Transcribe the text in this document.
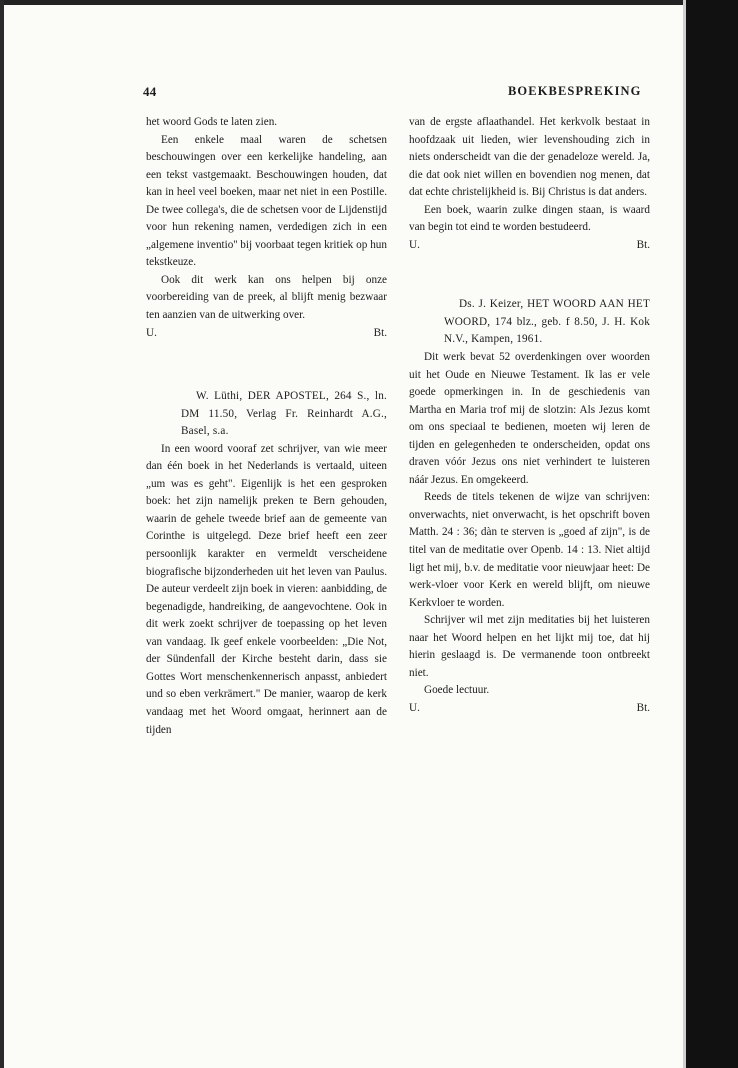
44	BOEKBESPREKING

het woord Gods te laten zien.

Een enkele maal waren de schetsen beschouwingen over een kerkelijke handeling, aan een tekst vastgemaakt. Beschouwingen houden, dat kan in heel veel boeken, maar net niet in een Postille. De twee collega's, die de schetsen voor de Lijdenstijd voor hun rekening namen, verdedigen zich in een „algemene inventio'' bij voorbaat tegen kritiek op hun tekstkeuze.

Ook dit werk kan ons helpen bij onze voorbereiding van de preek, al blijft menig bezwaar ten aanzien van de uitwerking over.

U.	Bt.

W. Lüthi, DER APOSTEL, 264 S., ln. DM 11.50, Verlag Fr. Reinhardt A.G., Basel, s.a.

In een woord vooraf zet schrijver, van wie meer dan één boek in het Nederlands is vertaald, uiteen „um was es geht". Eigenlijk is het een gesproken boek: het zijn namelijk preken te Bern gehouden, waarin de gehele tweede brief aan de gemeente van Corinthe is uitgelegd. Deze brief heeft een zeer persoonlijk karakter en vermeldt verscheidene biografische bijzonderheden uit het leven van Paulus. De auteur verdeelt zijn boek in vieren: aanbidding, de begenadigde, handreiking, de aangevochtene. Ook in dit werk zoekt schrijver de toepassing op het leven van vandaag. Ik geef enkele voorbeelden: „Die Not, der Sündenfall der Kirche besteht darin, dass sie Gottes Wort menschenkennerisch anpasst, anbiedert und so eben verkrämert." De manier, waarop de kerk vandaag met het Woord omgaat, herinnert aan de tijden

van de ergste aflaathandel. Het kerkvolk bestaat in hoofdzaak uit lieden, wier levenshouding zich in niets onderscheidt van die der genadeloze wereld. Ja, die dat ook niet willen en bovendien nog menen, dat dat echte christelijkheid is. Bij Christus is dat anders.

Een boek, waarin zulke dingen staan, is waard van begin tot eind te worden bestudeerd.

U.	Bt.

Ds. J. Keizer, HET WOORD AAN HET WOORD, 174 blz., geb. f 8.50, J. H. Kok N.V., Kampen, 1961.

Dit werk bevat 52 overdenkingen over woorden uit het Oude en Nieuwe Testament. Ik las er vele goede opmerkingen in. In de geschiedenis van Martha en Maria trof mij de slotzin: Als Jezus komt om ons speciaal te bedienen, moeten wij leren de tijden en gelegenheden te onderscheiden, opdat ons draven vóór Jezus ons niet verhindert te luisteren náár Jezus. En omgekeerd.

Reeds de titels tekenen de wijze van schrijven: onverwachts, niet onverwacht, is het opschrift boven Matth. 24 : 36; dàn te sterven is „goed af zijn", is de titel van de meditatie over Openb. 14 : 13. Niet altijd ligt het mij, b.v. de meditatie voor nieuwjaar heet: De werk-vloer voor Kerk en wereld blijft, om nieuwe Kerkvloer te worden.

Schrijver wil met zijn meditaties bij het luisteren naar het Woord helpen en het lijkt mij toe, dat hij hierin geslaagd is. De vermanende toon ontbreekt niet.

Goede lectuur.

U.	Bt.
